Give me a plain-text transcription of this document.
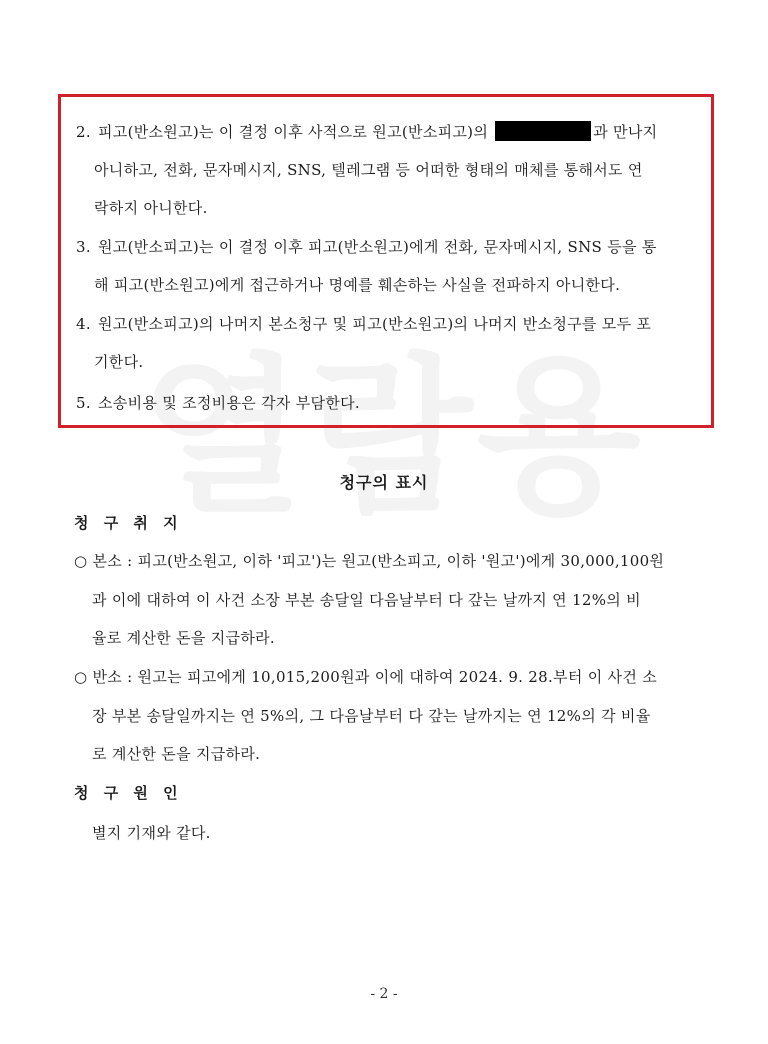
2. 피고(반소원고)는 이 결정 이후 사적으로 원고(반소피고)의	과 만나지
아니하고, 전화, 문자메시지, SNS, 텔레그램 등 어떠한 형태의 매체를 통해서도 연
락하지 아니한다.
3. 원고(반소피고)는 이 결정 이후 피고(반소원고)에게 전화, 문자메시지, SNS 등을 통
해 피고(반소원고)에게 접근하거나 명예를 훼손하는 사실을 전파하지 아니한다.
4. 원고(반소피고)의 나머지 본소청구 및 피고(반소원고)의 나머지 반소청구를 모두 포
기한다.
5. 소송비용 및 조정비용은 각자 부담한다.
청구의 표시
청 구 취 지
○ 본소 : 피고(반소원고, 이하 '피고')는 원고(반소피고, 이하 '원고')에게 30,000,100원
과 이에 대하여 이 사건 소장 부본 송달일 다음날부터 다 갚는 날까지 연 12%의 비
율로 계산한 돈을 지급하라.
○ 반소 : 원고는 피고에게 10,015,200원과 이에 대하여 2024. 9. 28.부터 이 사건 소
장 부본 송달일까지는 연 5%의, 그 다음날부터 다 갚는 날까지는 연 12%의 각 비율
로 계산한 돈을 지급하라.
청 구 원 인
별지 기재와 같다.
- 2 -
